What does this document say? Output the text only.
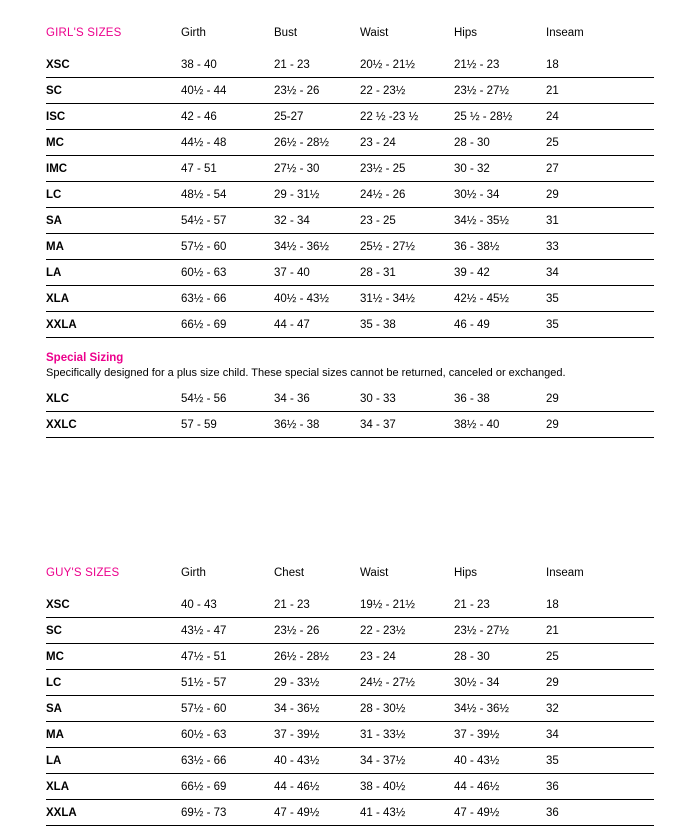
GIRL'S SIZES	Girth	Bust	Waist	Hips	Inseam
XSC	38 - 40	21 - 23	20½ - 21½	21½ - 23	18
SC	40½ - 44	23½ - 26	22 - 23½	23½ - 27½	21
ISC	42 - 46	25-27	22 ½ -23 ½	25 ½ - 28½	24
MC	44½ - 48	26½ - 28½	23 - 24	28 - 30	25
IMC	47 - 51	27½ - 30	23½ - 25	30 - 32	27
LC	48½ - 54	29 - 31½	24½ - 26	30½ - 34	29
SA	54½ - 57	32 - 34	23 - 25	34½ - 35½	31
MA	57½ - 60	34½ - 36½	25½ - 27½	36 - 38½	33
LA	60½ - 63	37 - 40	28 - 31	39 - 42	34
XLA	63½ - 66	40½ - 43½	31½ - 34½	42½ - 45½	35
XXLA	66½ - 69	44 - 47	35 - 38	46 - 49	35
Special Sizing
Specifically designed for a plus size child. These special sizes cannot be returned, canceled or exchanged.
XLC	54½ - 56	34 - 36	30 - 33	36 - 38	29
XXLC	57 - 59	36½ - 38	34 - 37	38½ - 40	29
GUY'S SIZES	Girth	Chest	Waist	Hips	Inseam
XSC	40 - 43	21 - 23	19½ - 21½	21 - 23	18
SC	43½ - 47	23½ - 26	22 - 23½	23½ - 27½	21
MC	47½ - 51	26½ - 28½	23 - 24	28 - 30	25
LC	51½ - 57	29 - 33½	24½ - 27½	30½ - 34	29
SA	57½ - 60	34 - 36½	28 - 30½	34½ - 36½	32
MA	60½ - 63	37 - 39½	31 - 33½	37 - 39½	34
LA	63½ - 66	40 - 43½	34 - 37½	40 - 43½	35
XLA	66½ - 69	44 - 46½	38 - 40½	44 - 46½	36
XXLA	69½ - 73	47 - 49½	41 - 43½	47 - 49½	36
